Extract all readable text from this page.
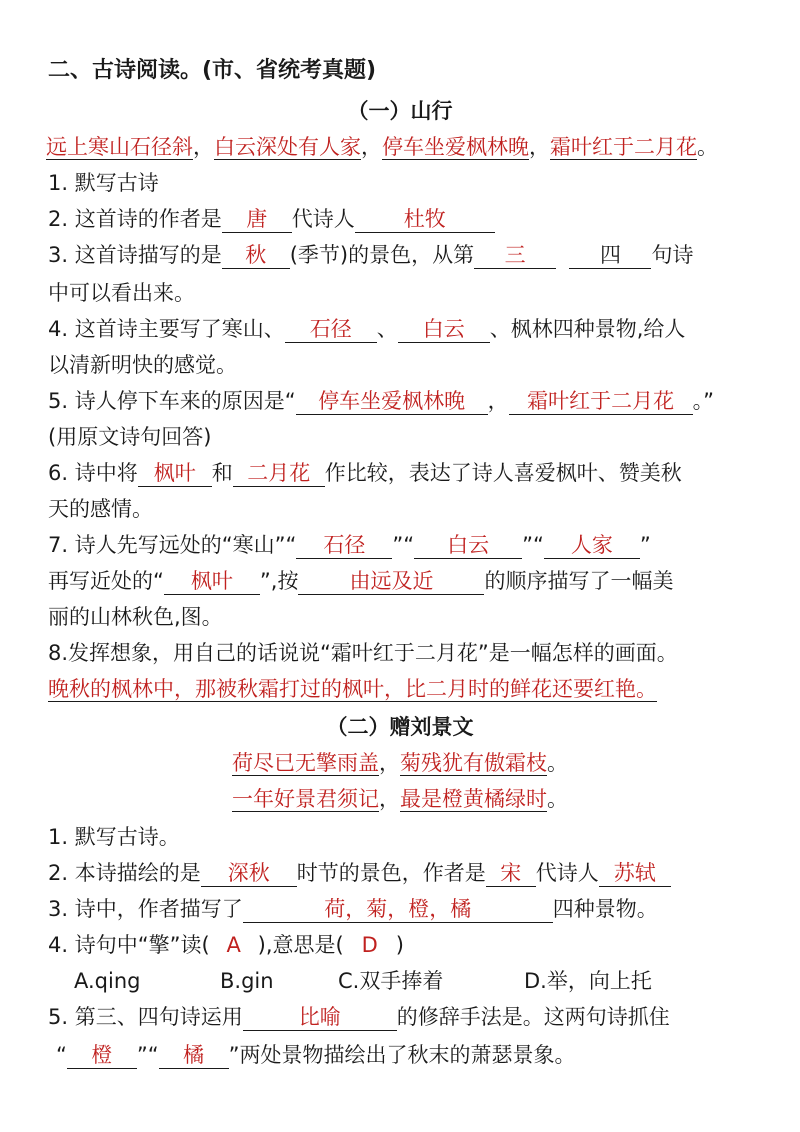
二、古诗阅读。(市、省统考真题)
（一）山行
远上寒山石径斜，白云深处有人家，停车坐爱枫林晚，霜叶红于二月花。
1. 默写古诗
2. 这首诗的作者是 唐 代诗人 杜牧
3. 这首诗描写的是 秋 (季节)的景色，从第 三	四 句诗
中可以看出来。
4. 这首诗主要写了寒山、 石径 、 白云 、枫林四种景物,给人
以清新明快的感觉。
5. 诗人停下车来的原因是“ 停车坐爱枫林晚 ， 霜叶红于二月花 。”
(用原文诗句回答)
6. 诗中将 枫叶 和 二月花 作比较，表达了诗人喜爱枫叶、赞美秋
天的感情。
7. 诗人先写远处的“寒山”“ 石径 ”“ 白云 ”“ 人家 ”
再写近处的“ 枫叶 ”,按 由远及近 的顺序描写了一幅美
丽的山林秋色,图。
8.发挥想象，用自己的话说说“霜叶红于二月花”是一幅怎样的画面。
晚秋的枫林中，那被秋霜打过的枫叶，比二月时的鲜花还要红艳。
（二）赠刘景文
荷尽已无擎雨盖，菊残犹有傲霜枝。
一年好景君须记，最是橙黄橘绿时。
1. 默写古诗。
2. 本诗描绘的是 深秋 时节的景色，作者是 宋 代诗人 苏轼
3. 诗中，作者描写了	荷，菊，橙，橘	四种景物。
4. 诗句中“擎”读( A ),意思是( D )
A.qing	B.gin	C.双手捧着	D.举，向上托
5. 第三、四句诗运用	比喻	的修辞手法是。这两句诗抓住
“ 橙 ”“ 橘 ”两处景物描绘出了秋末的萧瑟景象。
